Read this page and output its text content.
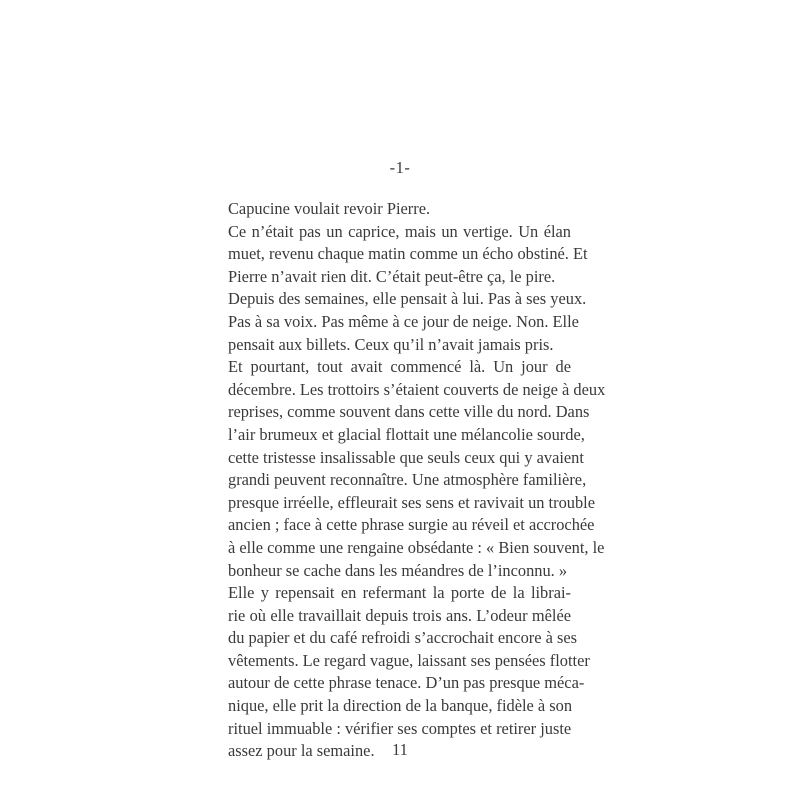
-1-
Capucine voulait revoir Pierre.
Ce n’était pas un caprice, mais un vertige. Un élan
muet, revenu chaque matin comme un écho obstiné. Et
Pierre n’avait rien dit. C’était peut-être ça, le pire.
Depuis des semaines, elle pensait à lui. Pas à ses yeux.
Pas à sa voix. Pas même à ce jour de neige. Non. Elle
pensait aux billets. Ceux qu’il n’avait jamais pris.
Et pourtant, tout avait commencé là. Un jour de
décembre. Les trottoirs s’étaient couverts de neige à deux
reprises, comme souvent dans cette ville du nord. Dans
l’air brumeux et glacial flottait une mélancolie sourde,
cette tristesse insalissable que seuls ceux qui y avaient
grandi peuvent reconnaître. Une atmosphère familière,
presque irréelle, effleurait ses sens et ravivait un trouble
ancien ; face à cette phrase surgie au réveil et accrochée
à elle comme une rengaine obsédante : « Bien souvent, le
bonheur se cache dans les méandres de l’inconnu. »
Elle y repensait en refermant la porte de la librai-
rie où elle travaillait depuis trois ans. L’odeur mêlée
du papier et du café refroidi s’accrochait encore à ses
vêtements. Le regard vague, laissant ses pensées flotter
autour de cette phrase tenace. D’un pas presque méca-
nique, elle prit la direction de la banque, fidèle à son
rituel immuable : vérifier ses comptes et retirer juste
assez pour la semaine.	11
